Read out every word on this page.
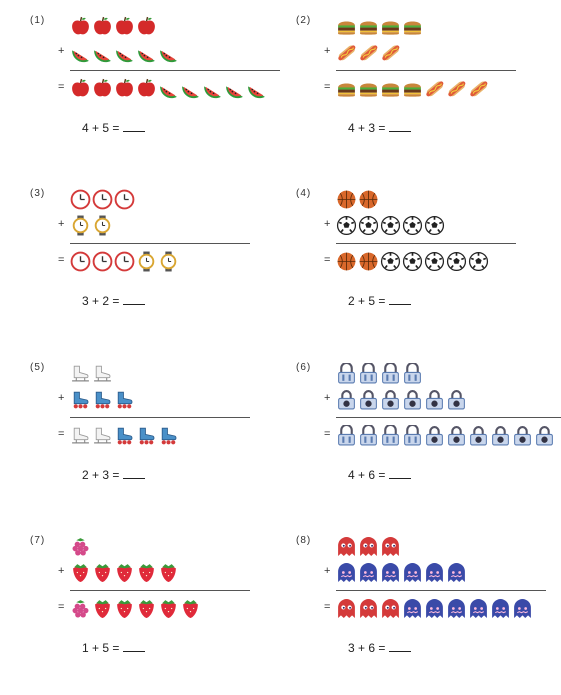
(1)
+
=
4 + 5 =
(2)
+
=
4 + 3 =
(3)
+
=
3 + 2 =
(4)
+
=
2 + 5 =
(5)
+
=
2 + 3 =
(6)
+
=
4 + 6 =
(7)
+
=
1 + 5 =
(8)
+
=
3 + 6 =
